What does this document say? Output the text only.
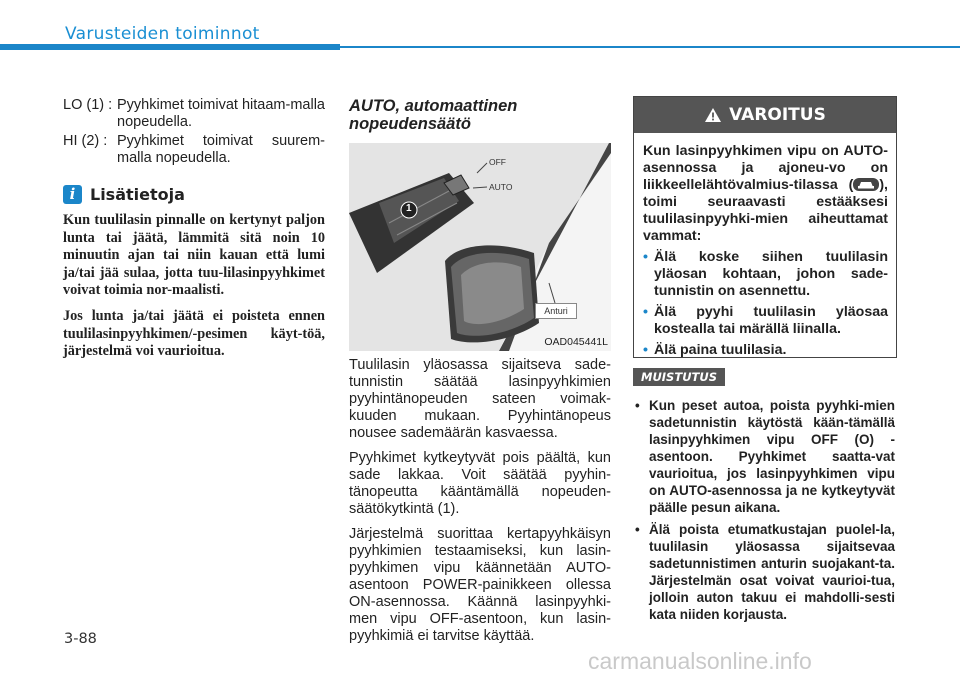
Varusteiden toiminnot
LO (1) : Pyyhkimet toimivat hitaam-malla nopeudella.
HI (2) : Pyyhkimet toimivat suurem-malla nopeudella.
i Lisätietoja

Kun tuulilasin pinnalle on kertynyt paljon lunta tai jäätä, lämmitä sitä noin 10 minuutin ajan tai niin kauan että lumi ja/tai jää sulaa, jotta tuu-lilasinpyyhkimet voivat toimia nor-maalisti.

Jos lunta ja/tai jäätä ei poisteta ennen tuulilasinpyyhkimen/-pesimen käyt-töä, järjestelmä voi vaurioitua.

AUTO, automaattinen nopeudensäätö
1
OFF
AUTO
Anturi
OAD045441L

Tuulilasin yläosassa sijaitseva sade-tunnistin säätää lasinpyyhkimien pyyhintänopeuden sateen voimak-kuuden mukaan. Pyyhintänopeus nousee sademäärän kasvaessa.

Pyyhkimet kytkeytyvät pois päältä, kun sade lakkaa. Voit säätää pyyhin-tänopeutta kääntämällä nopeuden-säätökytkintä (1).

Järjestelmä suorittaa kertapyyhkäisyn pyyhkimien testaamiseksi, kun lasin-pyyhkimen vipu käännetään AUTO-asentoon POWER-painikkeen ollessa ON-asennossa. Käännä lasinpyyhki-men vipu OFF-asentoon, kun lasin-pyyhkimiä ei tarvitse käyttää.

VAROITUS

Kun lasinpyyhkimen vipu on AUTO-asennossa ja ajoneu-vo on liikkeellelähtövalmius-tilassa ( ), toimi seuraavasti estääksesi tuulilasinpyyhki-mien aiheuttamat vammat:

• Älä koske siihen tuulilasin yläosan kohtaan, johon sade-tunnistin on asennettu.
• Älä pyyhi tuulilasin yläosaa kostealla tai märällä liinalla.
• Älä paina tuulilasia.
MUISTUTUS
• Kun peset autoa, poista pyyhki-mien sadetunnistin käytöstä kään-tämällä lasinpyyhkimen vipu OFF (O) -asentoon. Pyyhkimet saatta-vat vaurioitua, jos lasinpyyhkimen vipu on AUTO-asennossa ja ne kytkeytyvät päälle pesun aikana.
• Älä poista etumatkustajan puolel-la, tuulilasin yläosassa sijaitsevaa sadetunnistimen anturin suojakant-ta. Järjestelmän osat voivat vaurioi-tua, jolloin auton takuu ei mahdolli-sesti kata niiden korjausta.
3-88
carmanualsonline.info
